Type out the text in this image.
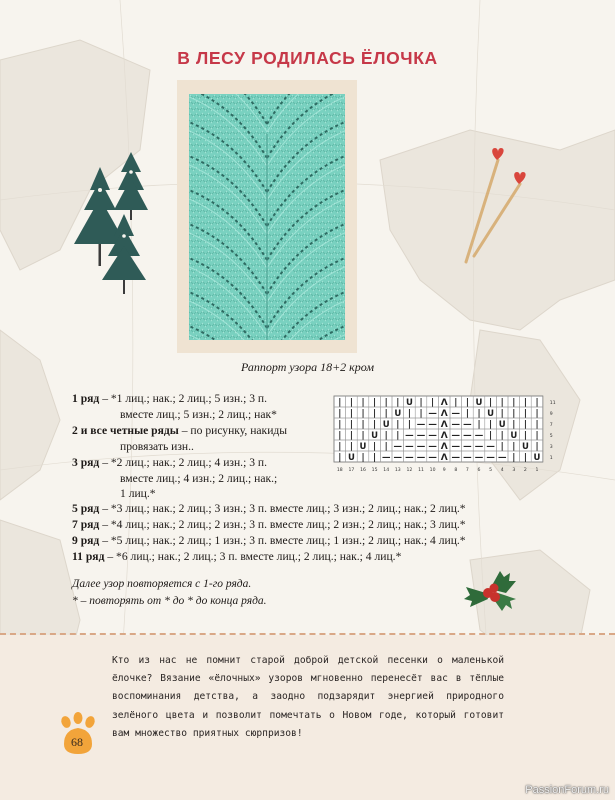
В ЛЕСУ РОДИЛАСЬ ЁЛОЧКА
Раппорт узора 18+2 кром
1 ряд – *1 лиц.; нак.; 2 лиц.; 5 изн.; 3 п.
вместе лиц.; 5 изн.; 2 лиц.; нак*
2 и все четные ряды – по рисунку, накиды
провязать изн..
3 ряд – *2 лиц.; нак.; 2 лиц.; 4 изн.; 3 п.
вместе лиц.; 4 изн.; 2 лиц.; нак.;
1 лиц.*
5 ряд – *3 лиц.; нак.; 2 лиц.; 3 изн.; 3 п. вместе лиц.; 3 изн.; 2 лиц.; нак.; 2 лиц.*
7 ряд – *4 лиц.; нак.; 2 лиц.; 2 изн.; 3 п. вместе лиц.; 2 изн.; 2 лиц.; нак.; 3 лиц.*
9 ряд – *5 лиц.; нак.; 2 лиц.; 1 изн.; 3 п. вместе лиц.; 1 изн.; 2 лиц.; нак.; 4 лиц.*
11 ряд – *6 лиц.; нак.; 2 лиц.; 3 п. вместе лиц.; 2 лиц.; нак.; 4 лиц.*
| | | | | | U | | Λ | | U | | | | | 11
| | | | | U | | — Λ — | | U | | | | 9
| | | | U | | — — Λ — — | | U | | | 7
| | | U | | — — — Λ — — — | | U | | 5
| | U | | — — — — Λ — — — — | | U | 3
| U | | — — — — — Λ — — — — — | | U 1
18 17 16 15 14 13 12 11 10 9 8 7 6 5 4 3 2 1
Далее узор повторяется с 1-го ряда.
* – повторять от * до * до конца ряда.
Кто из нас не помнит старой доброй детской песенки о маленькой ёлочке? Вязание «ёлочных» узоров мгновенно перенесёт вас в тёплые воспоминания детства, а заодно подзарядит энергией природного зелёного цвета и позволит помечтать о Новом годе, который готовит вам множество приятных сюрпризов!
68
PassionForum.ru
